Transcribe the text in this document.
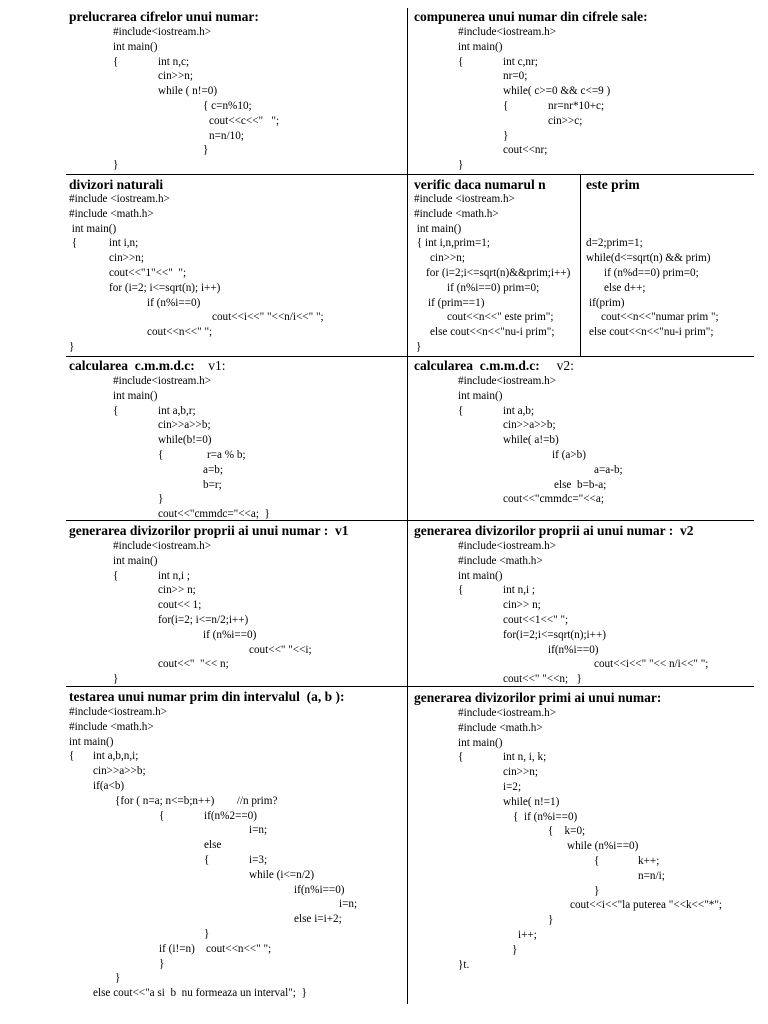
prelucrarea cifrelor unui numar:
#include<iostream.h>
int main()
{	int n,c;
cin>>n;
while ( n!=0)
{ c=n%10;
cout<<c<<"   ";
n=n/10;
}
}
compunerea unui numar din cifrele sale:
#include<iostream.h>
int main()
{	int c,nr;
nr=0;
while( c>=0 && c<=9 )
{	nr=nr*10+c;
cin>>c;
}
cout<<nr;
}
divizori naturali
#include <iostream.h>
#include <math.h>
int main()
{	int i,n;
cin>>n;
cout<<"1"<<"  ";
for (i=2; i<=sqrt(n); i++)
if (n%i==0)
cout<<i<<" "<<n/i<<" ";
cout<<n<<" ";
}
verific daca numarul n
#include <iostream.h>
#include <math.h>
int main()
{ int i,n,prim=1;
cin>>n;
for (i=2;i<=sqrt(n)&&prim;i++)
if (n%i==0) prim=0;
if (prim==1)
cout<<n<<" este prim";
else cout<<n<<"nu-i prim";
}
este prim
d=2;prim=1;
while(d<=sqrt(n) && prim)
if (n%d==0) prim=0;
else d++;
if(prim)
cout<<n<<"numar prim ";
else cout<<n<<"nu-i prim";
calcularea  c.m.m.d.c: v1:
#include<iostream.h>
int main()
{	int a,b,r;
cin>>a>>b;
while(b!=0)
{	r=a % b;
a=b;
b=r;
}
cout<<"cmmdc="<<a;  }
calcularea  c.m.m.d.c: v2:
#include<iostream.h>
int main()
{	int a,b;
cin>>a>>b;
while( a!=b)
if (a>b)
a=a-b;
else  b=b-a;
cout<<"cmmdc="<<a;
generarea divizorilor proprii ai unui numar :  v1
#include<iostream.h>
int main()
{	int n,i ;
cin>> n;
cout<< 1;
for(i=2; i<=n/2;i++)
if (n%i==0)
cout<<" "<<i;
cout<<"  "<< n;
}
generarea divizorilor proprii ai unui numar :  v2
#include<iostream.h>
#include <math.h>
int main()
{	int n,i ;
cin>> n;
cout<<1<<" ";
for(i=2;i<=sqrt(n);i++)
if(n%i==0)
cout<<i<<" "<< n/i<<" ";
cout<<" "<<n;   }
testarea unui numar prim din intervalul  (a, b ):
#include<iostream.h>
#include <math.h>
int main()
{ int a,b,n,i;
cin>>a>>b;
if(a<b)
{for ( n=a; n<=b;n++)        //n prim?
{	if(n%2==0)
i=n;
else
{	i=3;
while (i<=n/2)
if(n%i==0)
i=n;
else i=i+2;
}
if (i!=n)    cout<<n<<" ";
}
}
else cout<<"a si  b  nu formeaza un interval";  }
generarea divizorilor primi ai unui numar:
#include<iostream.h>
#include <math.h>
int main()
{	int n, i, k;
cin>>n;
i=2;
while( n!=1)
{  if (n%i==0)
{    k=0;
while (n%i==0)
{	k++;
n=n/i;
}
cout<<i<<"la puterea "<<k<<"*";
}
i++;
}
}t.
